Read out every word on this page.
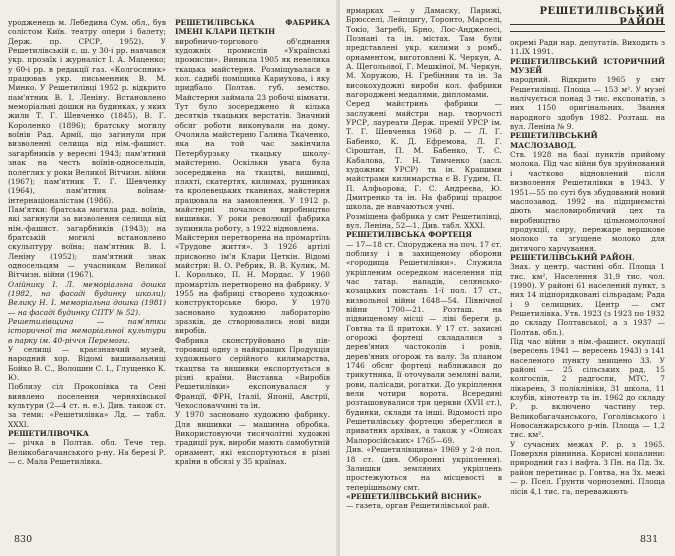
уродженець м. Лебедина Сум. обл., був солістом Київ. театру опери і балету; Держ. пр. СРСР, 1952). У Решетилівській с. ш. у 30-і рр. навчався укр. прозаїк і журналіст І. А. Маценко; у 60-і рр. в редакції газ. «Колгоспник» працював укр. письменник В. М. Минко. У Решетилівці 1952 р. відкрито пам'ятник В. І. Леніну. Встановлено меморіальні дошки на будинках, у яких жили Т. Г. Шевченко (1845), В. Г. Короленко (1896); братську могилу воїнів Рад. Армії, що загинули при визволенні селища від нім.-фашист. загарбників у вересні 1943; пам'ятний знак на честь воїнів-односельців, полеглих у роки Великої Вітчизн. війни (1967); пам'ятник Т. Г. Шевченку (1964), пам'ятник воїнам-інтернаціоналістам (1986).

Пам'ятки: братська могила рад. воїнів, які загинули за визволення селища від нім.-фашист. загарбників (1943); на братській могилі встановлено скульптуру воїна; пам'ятник В. І. Леніну (1952); пам'ятний знак односельцям — учасникам Великої Вітчизн. війни (1967).

Олійнику І. Л. меморіальна дошка (1982, на фасаді будинку школи); Велику Н. І. меморіальна дошка (1981) — на фасаді будинку СПТУ № 52).

Решетилівщина — пам'ятки історичної та меморіальної культури в парку ім. 40-річчя Перемоги.

У селищі — краєзнавчий музей, народний хор. Відомі вишивальниці Бойко В. С., Волошин С. І., Глущенко К. Ю.

Поблизу сіл Прокопівка та Сені виявлено поселення черняхівської культури (2—4 ст. н. е.). Див. також ст. за теми: «Решетилівка» Лд. — табл. ХХХІ.

РЕШЕТИЛІВОЧКА

— річка в Полтав. обл. Тече тер. Великобагачанського р-ну. На березі Р. — с. Мала Решетилівка.

РЕШЕТИЛІВСЬКА ФАБРИКА ІМЕНІ КЛАРИ ЦЕТКІН

виробничо-торгового об'єднання художніх промислів «Українські промисли». Виникла 1905 як невелика ткацька майстерня. Розміщувалася в кол. садибі поміщика Кариухова, і яку придбало Полтав. губ. земство. Майстерня займала 23 робочі кімнати. Тут було зосереджено й кілька десятків ткацьких верстатів. Значний обсяг роботи виконували на дому. Очолила майстерню Галина Ткаченко, яка на той час закінчила Петербурзьку ткацьку школу-майстерню. Оскільки увага була зосереджена на ткацтві, вишивці, плахті, скатертях, килимах, рушниках та кролевецьких тканинах, майстерня працювала на замовлення. У 1912 р. майстерні почалося виробництво вишивки. У роки революції фабрика зупинила роботу, з 1922 відновлена.

Майстерня перетворена на промартіль «Трудове життя». З 1926 артілі присвоєно ім'я Клари Цеткін. Відомі майстри: В. О. Ребрик, В. В. Кулик, М. І. Королько, П. Н. Мордас. У 1960 промартіль перетворено на фабрику. У 1955 на фабриці створено художньо-конструкторське бюро. У 1970 засновано художню лабораторію зразків, де створювались нові види виробів.

Фабрика сконструйовано в пів-торовиці одну з найкращих Продукція художнього серійного килимарства, ткацтва та вишивки експортується в різні країни. Виставка «Виробів Решетилівки» експонувалася у Франції, ФРН, Італії, Японії, Австрії, Чехословаччині та ін.

У 1970 засновано художню фабрику. Для вишивки — машинна обробка. Використовуючи тисячолітні художні традиції рук, вироби мають самобутній орнамент, які експортуються в різні країни в обсязі у 35 країнах.

830
РЕШЕТИЛІВСЬКИЙ РАЙОН

ярмарках — у Дамаску, Парижі, Брюсселі, Лейпцигу, Торонто, Марселі, Токіо, Загребі, Брно, Лос-Анджелесі, Познані та ін. містах. Там були представлені укр. килими з ромб., орнаментом, виготовлені К. Черкун, А. А. Щегольової, Г. Мешкіної, М. Черкун, М. Хоружою, Н. Гребінник та ін. За високохудожні вироби кол. фабрики нагороджені медалями, дипломами.

Серед майстринь фабрики — заслужені майстри нар. творчості УРСР, лауреати Держ. премії УРСР ім. Т. Г. Шевченка 1968 р. — Л. Г. Бабенко, К. Д. Ефремова, Л. Г. Сіроштан, П. М. Бабенко, Т. С. Кабалова, Т. Н. Тимченко (засл. художник УРСР) та ін. Кращими майстрами килимарства є В. Гудим, П. П. Алфьорова, Г. С. Андреєва, Ю. Дмитренко та ін. На фабриці працює школа, де навчаються учні.

Розміщена фабрика у смт Решетилівці, вул. Леніна, 52—1. Див. табл. ХХХІ.

РЕШЕТИЛІВСЬКА ФОРТЕЦЯ

— 17—18 ст. Споруджена на поч. 17 ст. поблизу і в захищеному оборони «городища Решетилівки». Служила укріпленим осередком населення під час татар. нападів, селянсько-козацьких повстань 1-ї пол. 17 ст., визвольної війни 1648—54. Північної війни 1700—21. Розташ. на підвищеному місці — ліві береги р. Говтва та її притоки. У 17 ст. захисні огорожі фортеці складалися з дерев'яних частоколів і ровів, дерев'яних огорож та валу. За планом 1746 обсяг фортеці наближався до трикутника, її оточували земляні вали, рови, палісади, рогатки. До укріплення вели чотири ворота. Всередині розташовувалися три церкви (ХVII ст.), будинки, склади та інші. Відомості про Решетилівську фортецю збереглися в приватних архівах, а також у «Описах Малоросійських» 1765—69.

Див. «Решетилівщина» 1969 у 2-й пол. 18 ст. (див. Оборонні укріплення). Залишки земляних укріплень простежуються на місцевості в теперішньому смт.

«РЕШЕТИЛІВСЬКИЙ ВІСНИК»

— газета, орган Решетилівської рай.

окремі Ради нар. депутатів. Виходить з 11.ІХ 1991.

РЕШЕТИЛІВСЬКИЙ ІСТОРИЧНИЙ МУЗЕЙ

народний. Відкрито 1965 у смт Решетилівці. Площа — 153 м². У музеї налічується понад 3 тис. експонатів, з них 1150 оригінальних. Звання народного здобув 1982. Розташ. на вул. Леніна № 9.

РЕШЕТИЛІВСЬКИЙ МАСЛОЗАВОД.

Ств. 1928 на базі пунктів прийому молока. Під час війни був зруйнований і частково відновлений після визволення Решетилівки в 1943. У 1951—55 по суті був збудований новий маслозавод. 1992 на підприємстві діють масловиробничий цех та виробництво цільномолочної продукції, сиру, пережаре вершкове молоко та згущене молоко для дитячого харчування.

РЕШЕТИЛІВСЬКИЙ РАЙОН.

Знах. у центр. частині обл. Площа 1 тис. км², Населення 31,9 тис. чол. (1990). У районі 61 населений пункт, з них 14 підпорядковані сільрадам; Рада і 9 селищних. Центр — смт Решетилівка. Утв. 1923 (з 1923 по 1932 до складу Полтавської, а з 1937 — Полтав. обл.).

Під час війни з нім.-фашист. окупації (вересень 1941 — вересень 1943) з 141 населеного пункту знищено 33. У районі — 25 сільських рад, 15 колгоспів, 2 радгоспи, МТС, 7 лікарень, 3 поліклініки, 31 школа, 11 клубів, кінотеатр та ін. 1962 до складу Р. р. включено частину тер. Великобагачанського, Гоголівського і Новосанжарського р-нів. Площа — 1,2 тис. км².

У сучасних межах Р. р. з 1965. Поверхня рівнинна. Корисні копалини: природний газ і нафта. З Пн. на Пд. Зх. район перетинає р. Говтва, на Зх. межі — р. Псел. Ґрунти чорноземні. Площа лісів 4,1 тис. га, переважають

831
